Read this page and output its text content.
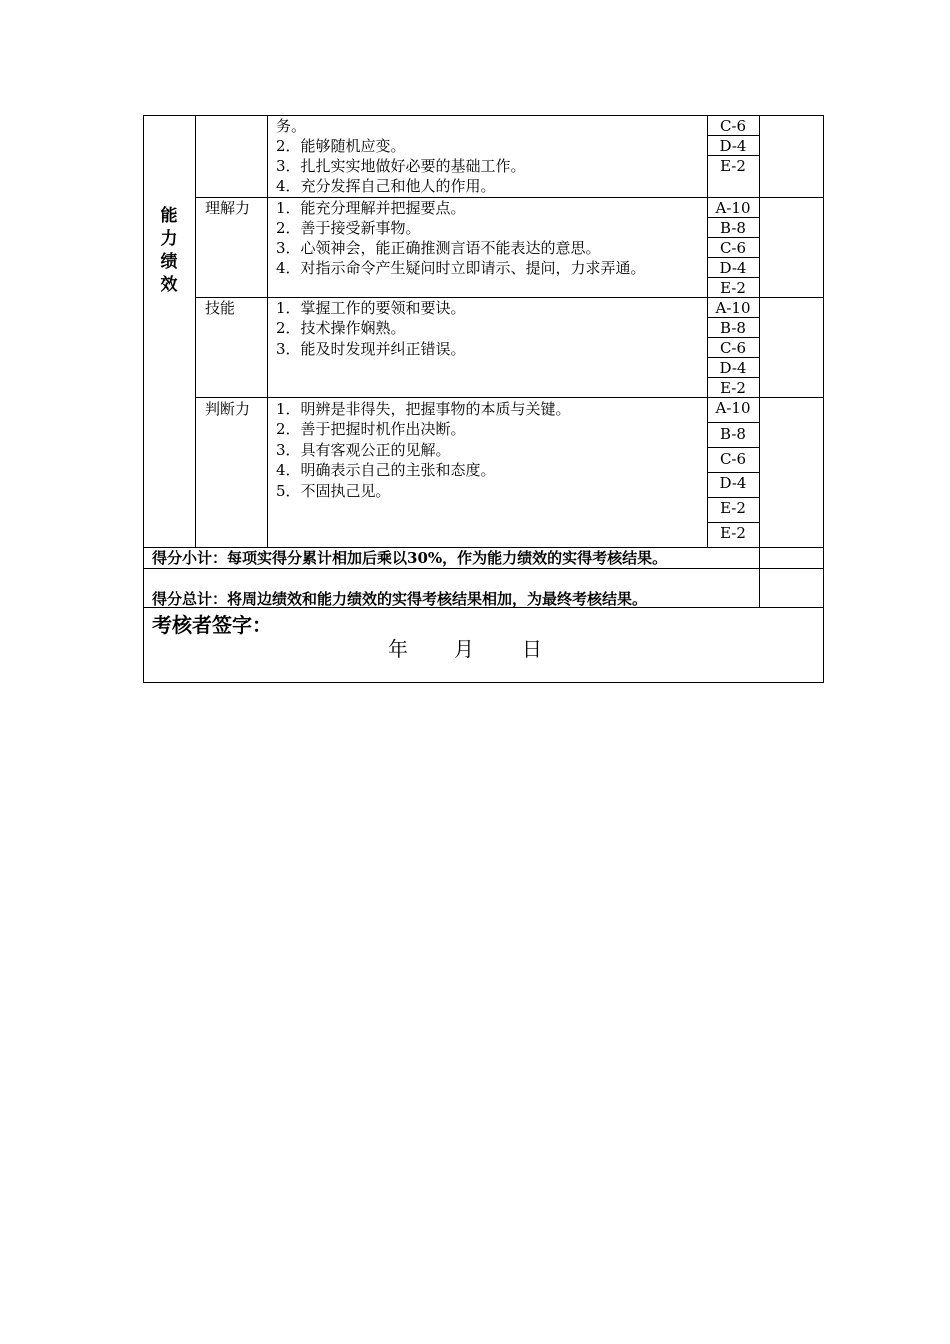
能
力
绩
效
务。
2．能够随机应变。
3．扎扎实实地做好必要的基础工作。
4．充分发挥自己和他人的作用。
C-6
D-4
E-2
理解力 1．能充分理解并把握要点。
2．善于接受新事物。
3．心领神会，能正确推测言语不能表达的意思。
4．对指示命令产生疑问时立即请示、提问，力求弄通。
A-10
B-8
C-6
D-4
E-2
技能	1．掌握工作的要领和要诀。
2．技术操作娴熟。
3．能及时发现并纠正错误。
A-10
B-8
C-6
D-4
E-2
判断力 1．明辨是非得失，把握事物的本质与关键。
2．善于把握时机作出决断。
3．具有客观公正的见解。
4．明确表示自己的主张和态度。
5．不固执己见。
A-10
B-8
C-6
D-4
E-2
E-2
得分小计：每项实得分累计相加后乘以30%，作为能力绩效的实得考核结果。
得分总计：将周边绩效和能力绩效的实得考核结果相加，为最终考核结果。
考核者签字：
年 月 日
